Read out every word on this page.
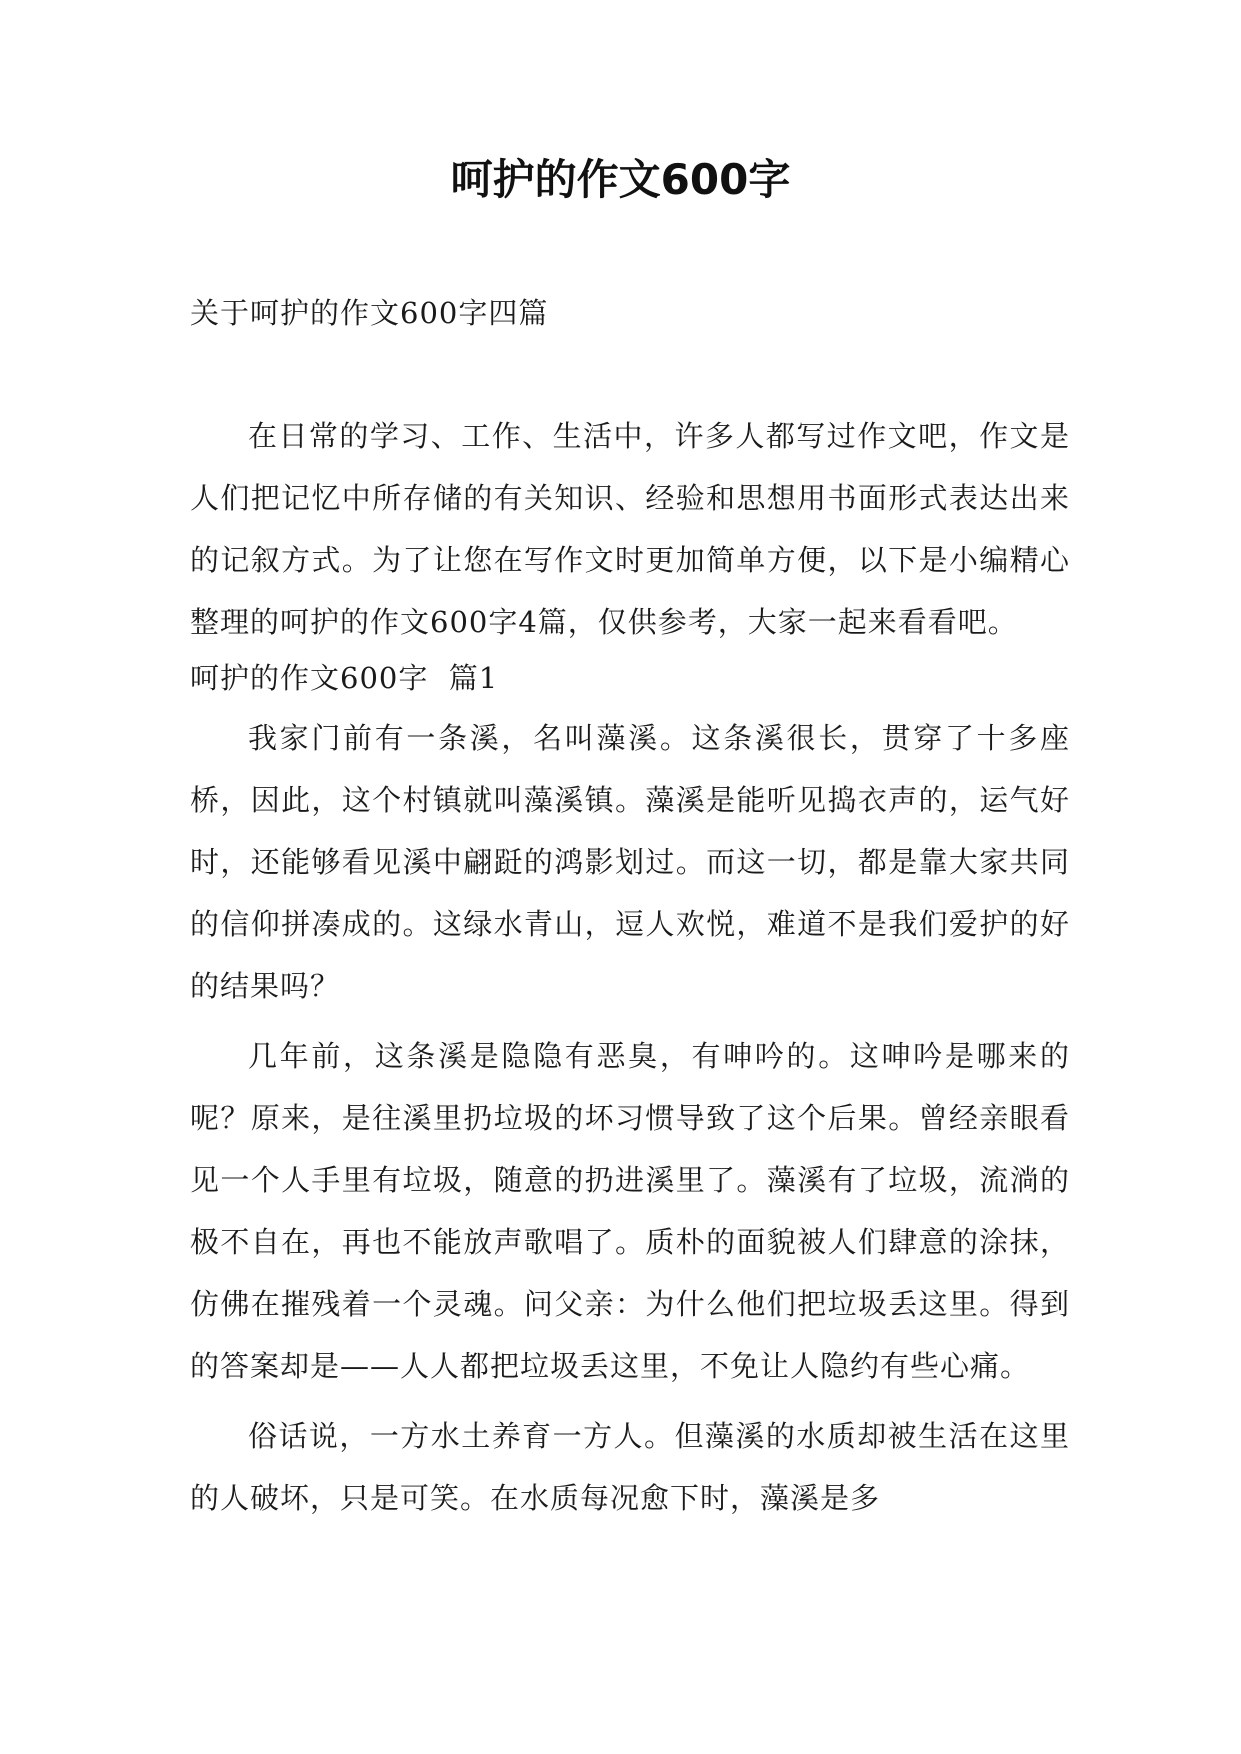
呵护的作文600字

关于呵护的作文600字四篇

在日常的学习、工作、生活中，许多人都写过作文吧，作文是人们把记忆中所存储的有关知识、经验和思想用书面形式表达出来的记叙方式。为了让您在写作文时更加简单方便，以下是小编精心整理的呵护的作文600字4篇，仅供参考，大家一起来看看吧。

呵护的作文600字  篇1

我家门前有一条溪，名叫藻溪。这条溪很长，贯穿了十多座桥，因此，这个村镇就叫藻溪镇。藻溪是能听见捣衣声的，运气好时，还能够看见溪中翩跹的鸿影划过。而这一切，都是靠大家共同的信仰拼凑成的。这绿水青山，逗人欢悦，难道不是我们爱护的好的结果吗？

几年前，这条溪是隐隐有恶臭，有呻吟的。这呻吟是哪来的呢？原来，是往溪里扔垃圾的坏习惯导致了这个后果。曾经亲眼看见一个人手里有垃圾，随意的扔进溪里了。藻溪有了垃圾，流淌的极不自在，再也不能放声歌唱了。质朴的面貌被人们肆意的涂抹，仿佛在摧残着一个灵魂。问父亲：为什么他们把垃圾丢这里。得到的答案却是——人人都把垃圾丢这里，不免让人隐约有些心痛。

俗话说，一方水土养育一方人。但藻溪的水质却被生活在这里的人破坏，只是可笑。在水质每况愈下时，藻溪是多
